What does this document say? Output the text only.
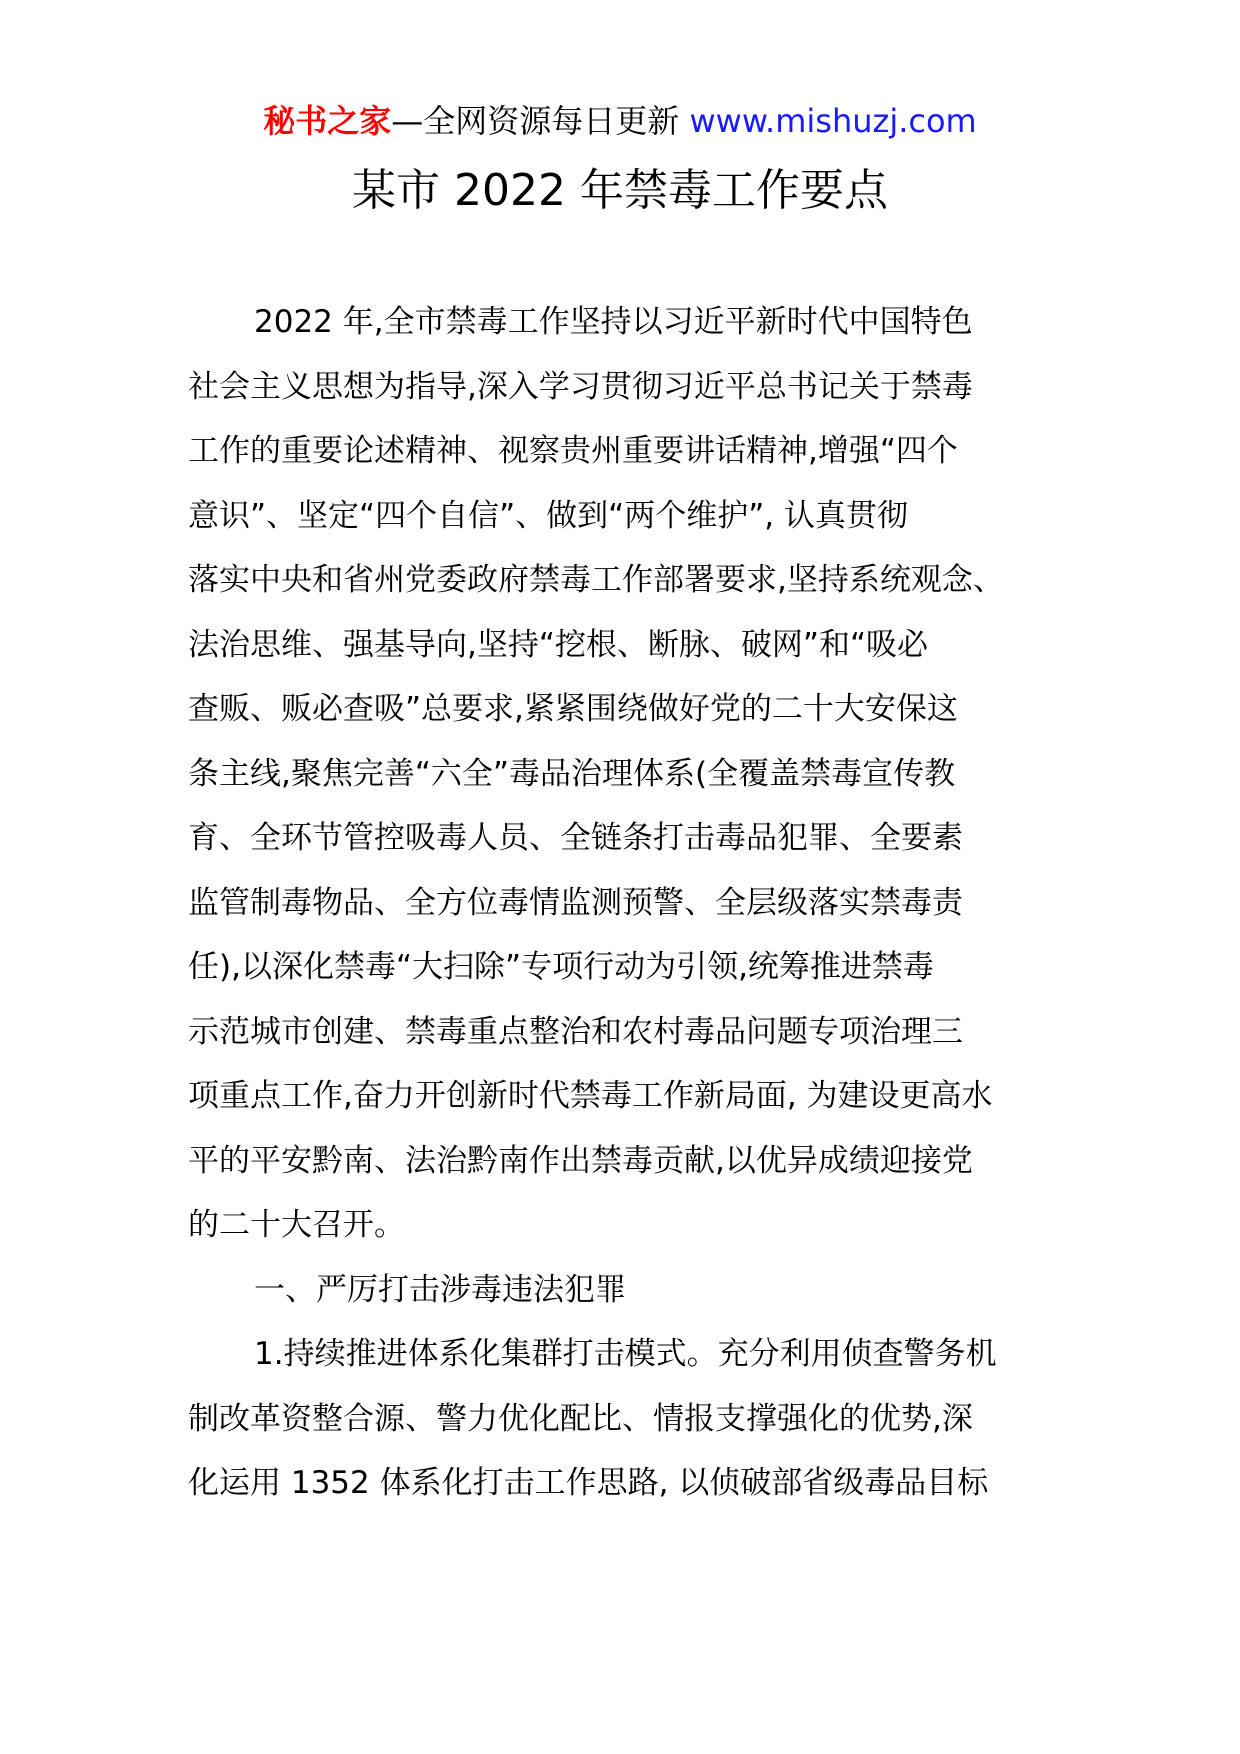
秘书之家—全网资源每日更新 www.mishuzj.com
某市 2022 年禁毒工作要点
2022 年,全市禁毒工作坚持以习近平新时代中国特色
社会主义思想为指导,深入学习贯彻习近平总书记关于禁毒
工作的重要论述精神、视察贵州重要讲话精神,增强“四个
意识”、坚定“四个自信”、做到“两个维护”, 认真贯彻
落实中央和省州党委政府禁毒工作部署要求,坚持系统观念、
法治思维、强基导向,坚持“挖根、断脉、破网”和“吸必
查贩、贩必查吸”总要求,紧紧围绕做好党的二十大安保这
条主线,聚焦完善“六全”毒品治理体系(全覆盖禁毒宣传教
育、全环节管控吸毒人员、全链条打击毒品犯罪、全要素
监管制毒物品、全方位毒情监测预警、全层级落实禁毒责
任),以深化禁毒“大扫除”专项行动为引领,统筹推进禁毒
示范城市创建、禁毒重点整治和农村毒品问题专项治理三
项重点工作,奋力开创新时代禁毒工作新局面, 为建设更高水
平的平安黔南、法治黔南作出禁毒贡献,以优异成绩迎接党
的二十大召开。
一、严厉打击涉毒违法犯罪
1.持续推进体系化集群打击模式。充分利用侦查警务机
制改革资整合源、警力优化配比、情报支撑强化的优势,深
化运用 1352 体系化打击工作思路, 以侦破部省级毒品目标
